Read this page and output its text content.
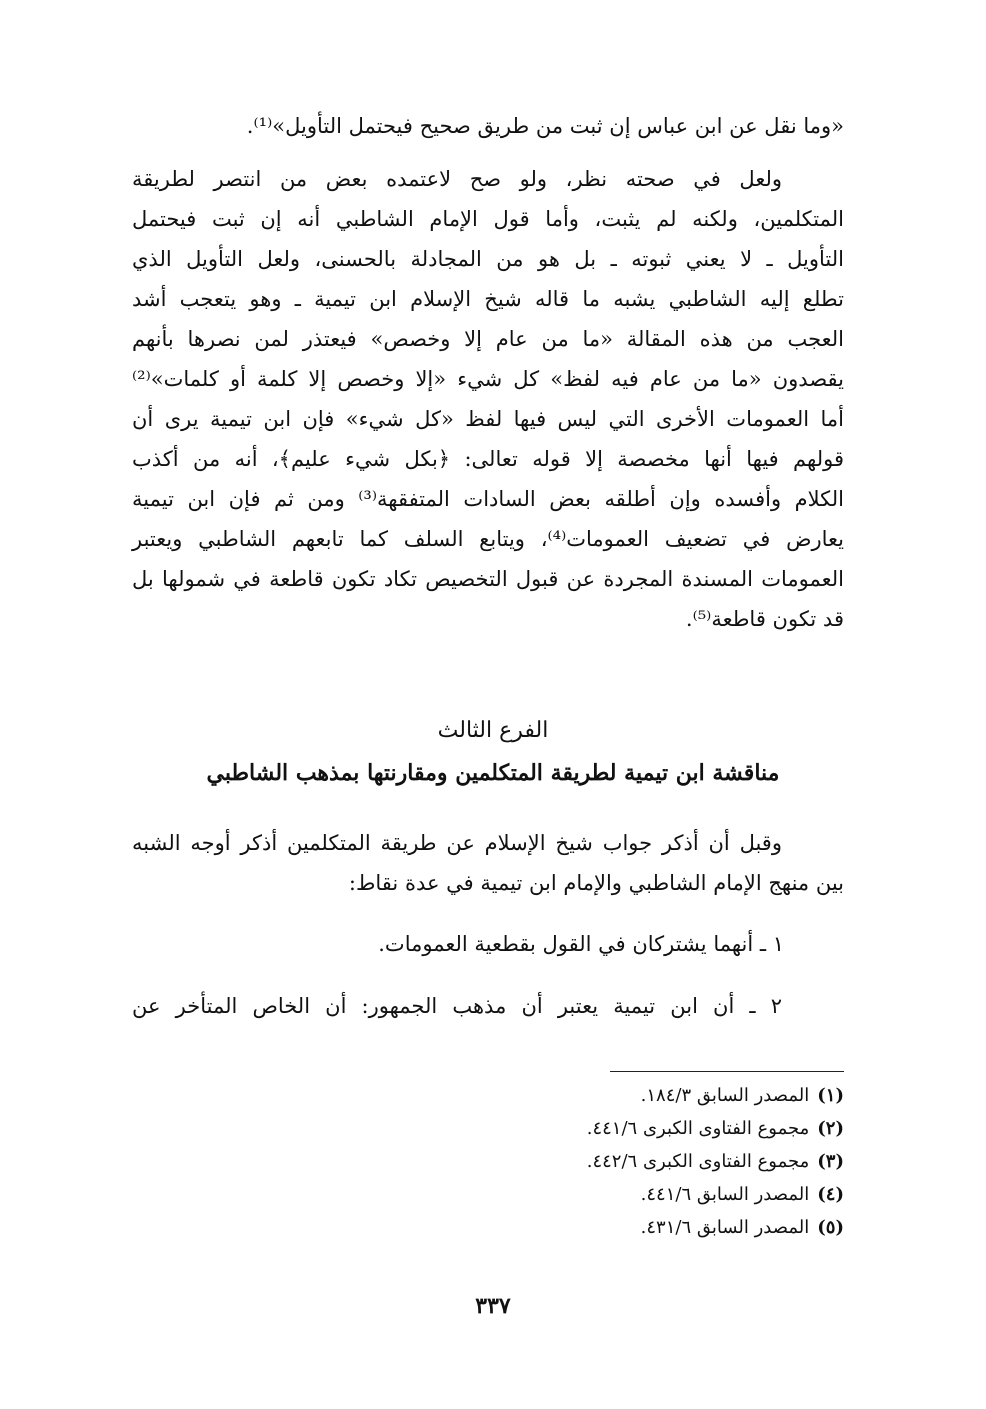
«وما نقل عن ابن عباس إن ثبت من طريق صحيح فيحتمل التأويل»⁽¹⁾.
ولعل في صحته نظر، ولو صح لاعتمده بعض من انتصر لطريقة
المتكلمين، ولكنه لم يثبت، وأما قول الإمام الشاطبي أنه إن ثبت فيحتمل
التأويل ـ لا يعني ثبوته ـ بل هو من المجادلة بالحسنى، ولعل التأويل الذي
تطلع إليه الشاطبي يشبه ما قاله شيخ الإسلام ابن تيمية ـ وهو يتعجب أشد
العجب من هذه المقالة «ما من عام إلا وخصص» فيعتذر لمن نصرها بأنهم
يقصدون «ما من عام فيه لفظ» كل شيء «إلا وخصص إلا كلمة أو كلمات»⁽²⁾
أما العمومات الأخرى التي ليس فيها لفظ «كل شيء» فإن ابن تيمية يرى أن
قولهم فيها أنها مخصصة إلا قوله تعالى: ﴿بكل شيء عليم﴾، أنه من أكذب
الكلام وأفسده وإن أطلقه بعض السادات المتفقهة⁽³⁾ ومن ثم فإن ابن تيمية
يعارض في تضعيف العمومات⁽⁴⁾، ويتابع السلف كما تابعهم الشاطبي ويعتبر
العمومات المسندة المجردة عن قبول التخصيص تكاد تكون قاطعة في شمولها بل
قد تكون قاطعة⁽⁵⁾.
الفرع الثالث
مناقشة ابن تيمية لطريقة المتكلمين ومقارنتها بمذهب الشاطبي
وقبل أن أذكر جواب شيخ الإسلام عن طريقة المتكلمين أذكر أوجه الشبه
بين منهج الإمام الشاطبي والإمام ابن تيمية في عدة نقاط:
١ ـ أنهما يشتركان في القول بقطعية العمومات.
٢ ـ أن ابن تيمية يعتبر أن مذهب الجمهور: أن الخاص المتأخر عن
(١)المصدر السابق ١٨٤/٣.
(٢)مجموع الفتاوى الكبرى ٤٤١/٦.
(٣)مجموع الفتاوى الكبرى ٤٤٢/٦.
(٤)المصدر السابق ٤٤١/٦.
(٥)المصدر السابق ٤٣١/٦.
٣٣٧
